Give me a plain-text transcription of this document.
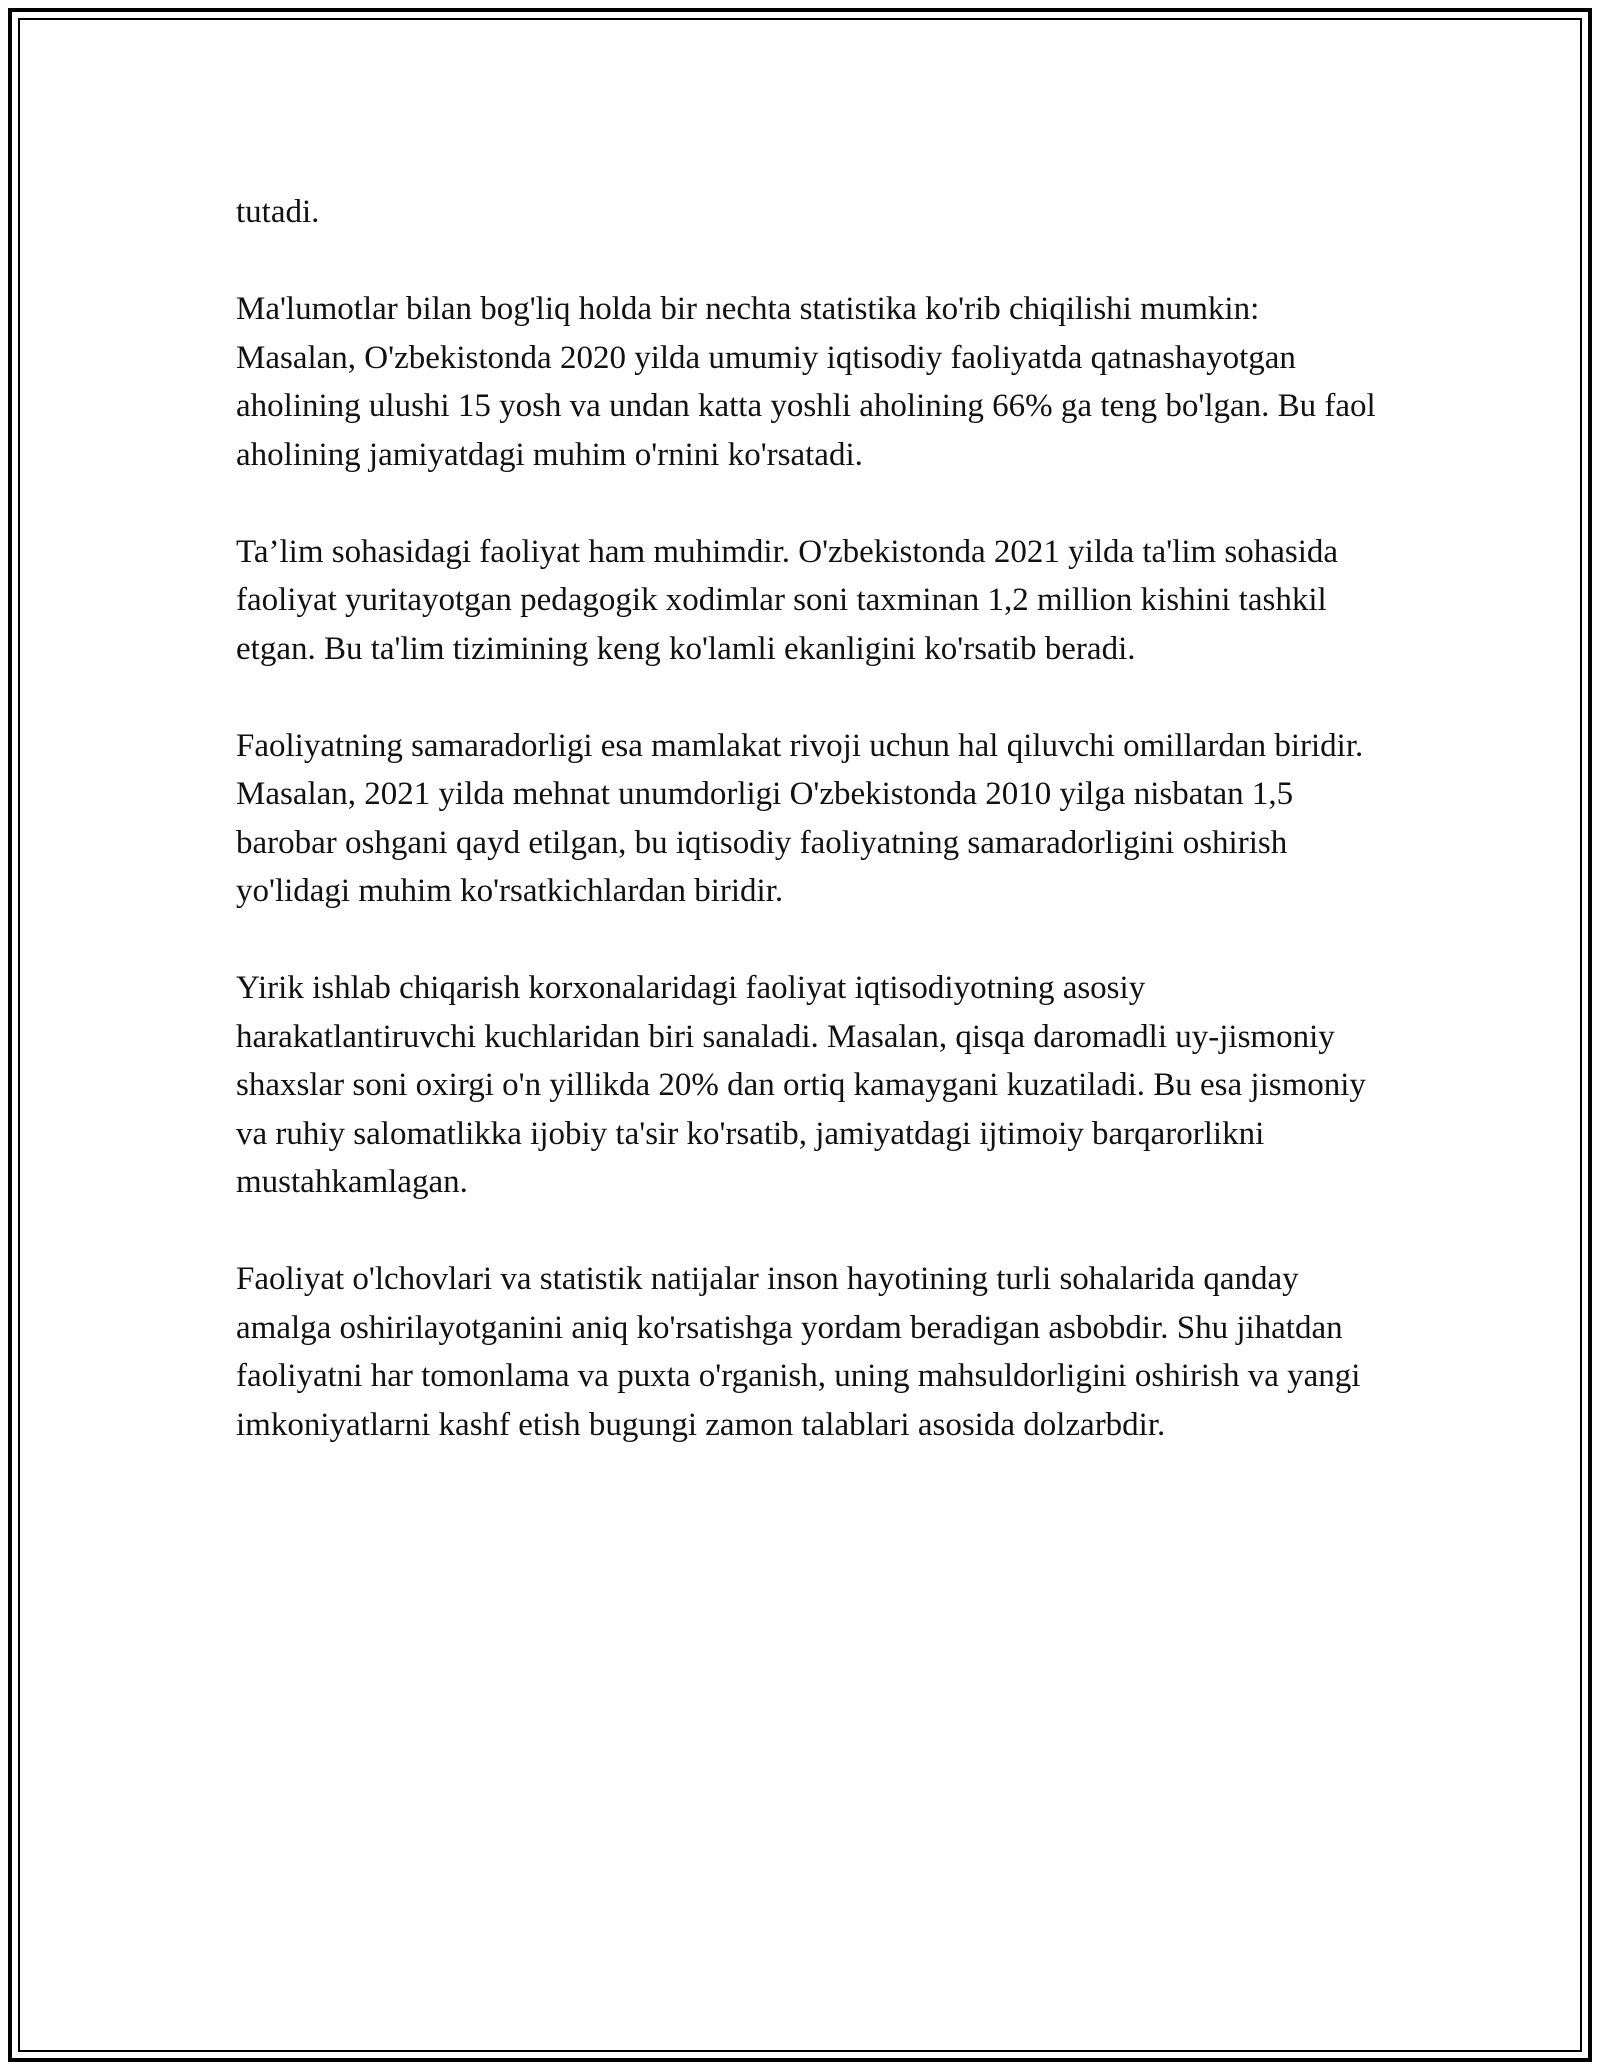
tutadi.

Ma'lumotlar bilan bog'liq holda bir nechta statistika ko'rib chiqilishi mumkin: Masalan, O'zbekistonda 2020 yilda umumiy iqtisodiy faoliyatda qatnashayotgan aholining ulushi 15 yosh va undan katta yoshli aholining 66% ga teng bo'lgan. Bu faol aholining jamiyatdagi muhim o'rnini ko'rsatadi.

Ta’lim sohasidagi faoliyat ham muhimdir. O'zbekistonda 2021 yilda ta'lim sohasida faoliyat yuritayotgan pedagogik xodimlar soni taxminan 1,2 million kishini tashkil etgan. Bu ta'lim tizimining keng ko'lamli ekanligini ko'rsatib beradi.

Faoliyatning samaradorligi esa mamlakat rivoji uchun hal qiluvchi omillardan biridir. Masalan, 2021 yilda mehnat unumdorligi O'zbekistonda 2010 yilga nisbatan 1,5 barobar oshgani qayd etilgan, bu iqtisodiy faoliyatning samaradorligini oshirish yo'lidagi muhim ko'rsatkichlardan biridir.

Yirik ishlab chiqarish korxonalaridagi faoliyat iqtisodiyotning asosiy harakatlantiruvchi kuchlaridan biri sanaladi. Masalan, qisqa daromadli uy-jismoniy shaxslar soni oxirgi o'n yillikda 20% dan ortiq kamaygani kuzatiladi. Bu esa jismoniy va ruhiy salomatlikka ijobiy ta'sir ko'rsatib, jamiyatdagi ijtimoiy barqarorlikni mustahkamlagan.

Faoliyat o'lchovlari va statistik natijalar inson hayotining turli sohalarida qanday amalga oshirilayotganini aniq ko'rsatishga yordam beradigan asbobdir. Shu jihatdan faoliyatni har tomonlama va puxta o'rganish, uning mahsuldorligini oshirish va yangi imkoniyatlarni kashf etish bugungi zamon talablari asosida dolzarbdir.
